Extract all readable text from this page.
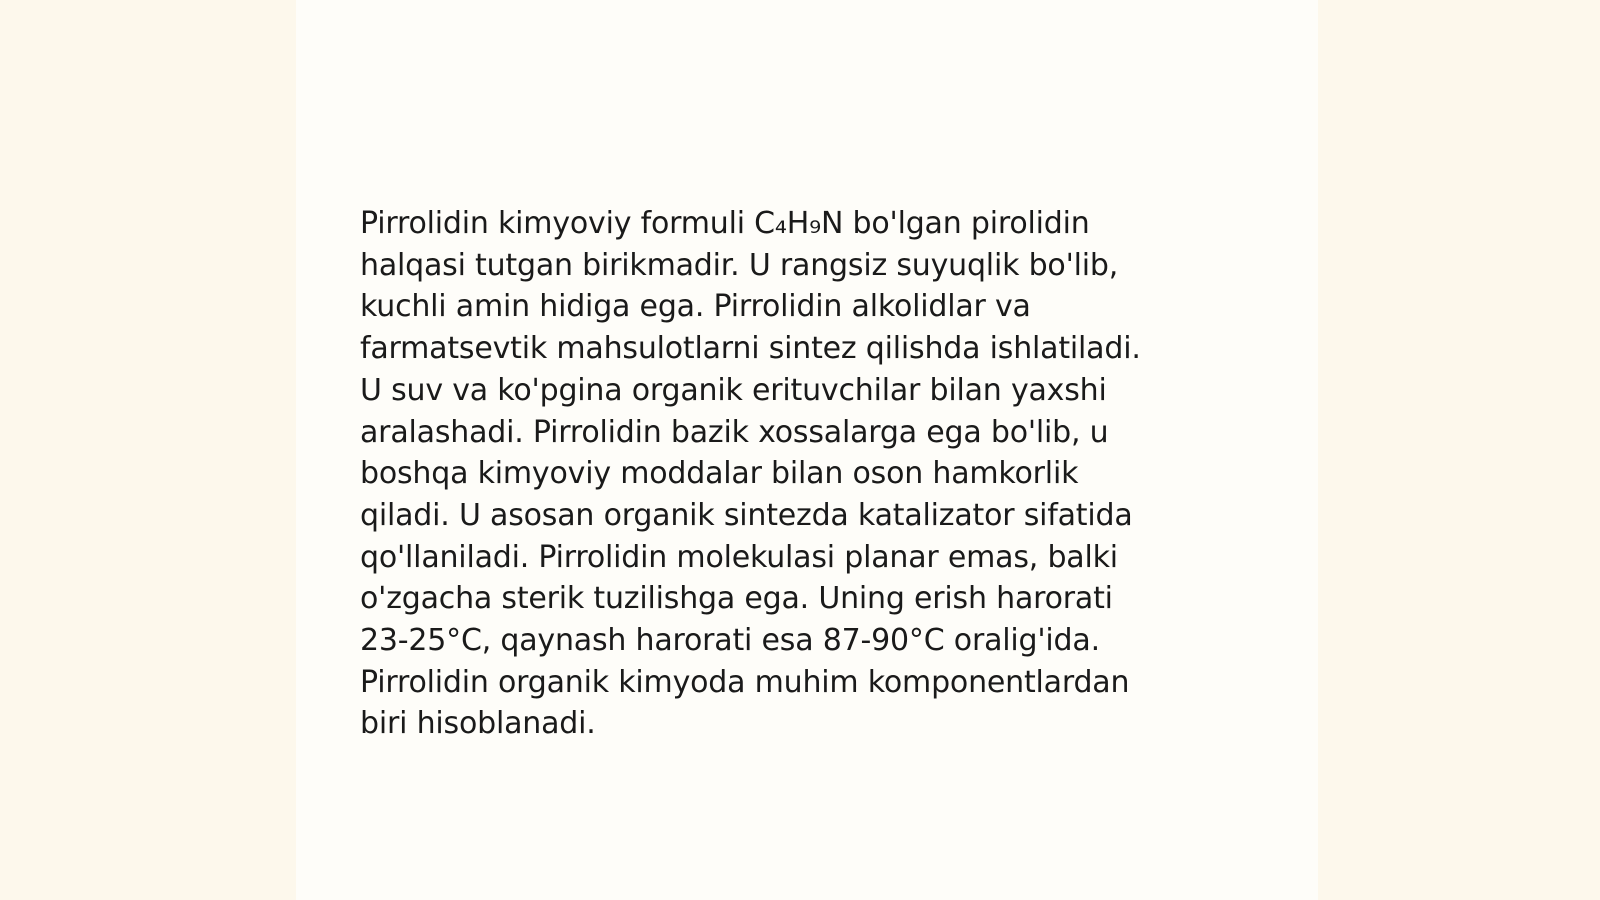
Pirrolidin kimyoviy formuli C₄H₉N bo'lgan pirolidin
halqasi tutgan birikmadir. U rangsiz suyuqlik bo'lib,
kuchli amin hidiga ega. Pirrolidin alkolidlar va
farmatsevtik mahsulotlarni sintez qilishda ishlatiladi.
U suv va ko'pgina organik erituvchilar bilan yaxshi
aralashadi. Pirrolidin bazik xossalarga ega bo'lib, u
boshqa kimyoviy moddalar bilan oson hamkorlik
qiladi. U asosan organik sintezda katalizator sifatida
qo'llaniladi. Pirrolidin molekulasi planar emas, balki
o'zgacha sterik tuzilishga ega. Uning erish harorati
23-25°C, qaynash harorati esa 87-90°C oralig'ida.
Pirrolidin organik kimyoda muhim komponentlardan
biri hisoblanadi.
